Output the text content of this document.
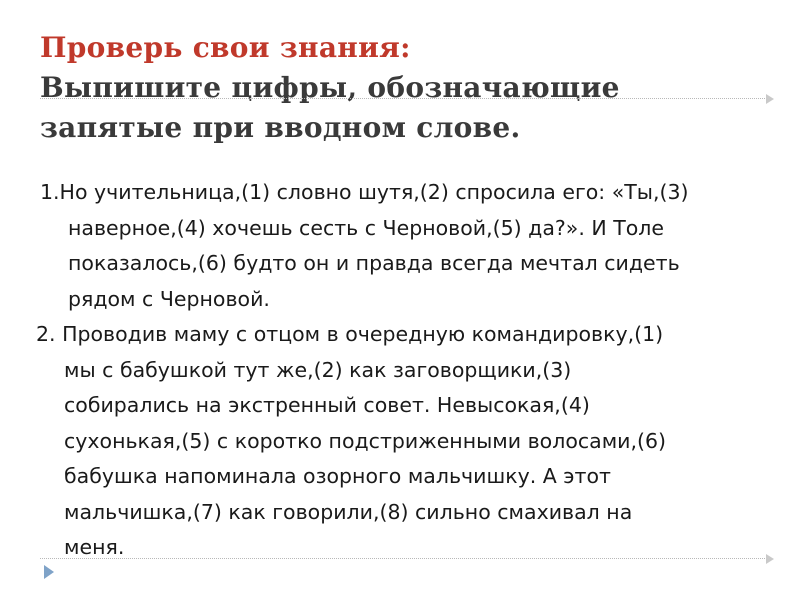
Проверь свои знания:
Выпишите цифры, обозначающие
запятые при вводном слове.

1.Но учительница,(1) словно шутя,(2) спросила его: «Ты,(3)
наверное,(4) хочешь сесть с Черновой,(5) да?». И Толе
показалось,(6) будто он и правда всегда мечтал сидеть
рядом с Черновой.

2. Проводив маму с отцом в очередную командировку,(1)
мы с бабушкой тут же,(2) как заговорщики,(3)
собирались на экстренный совет. Невысокая,(4)
сухонькая,(5) с коротко подстриженными волосами,(6)
бабушка напоминала озорного мальчишку. А этот
мальчишка,(7) как говорили,(8) сильно смахивал на
меня.
